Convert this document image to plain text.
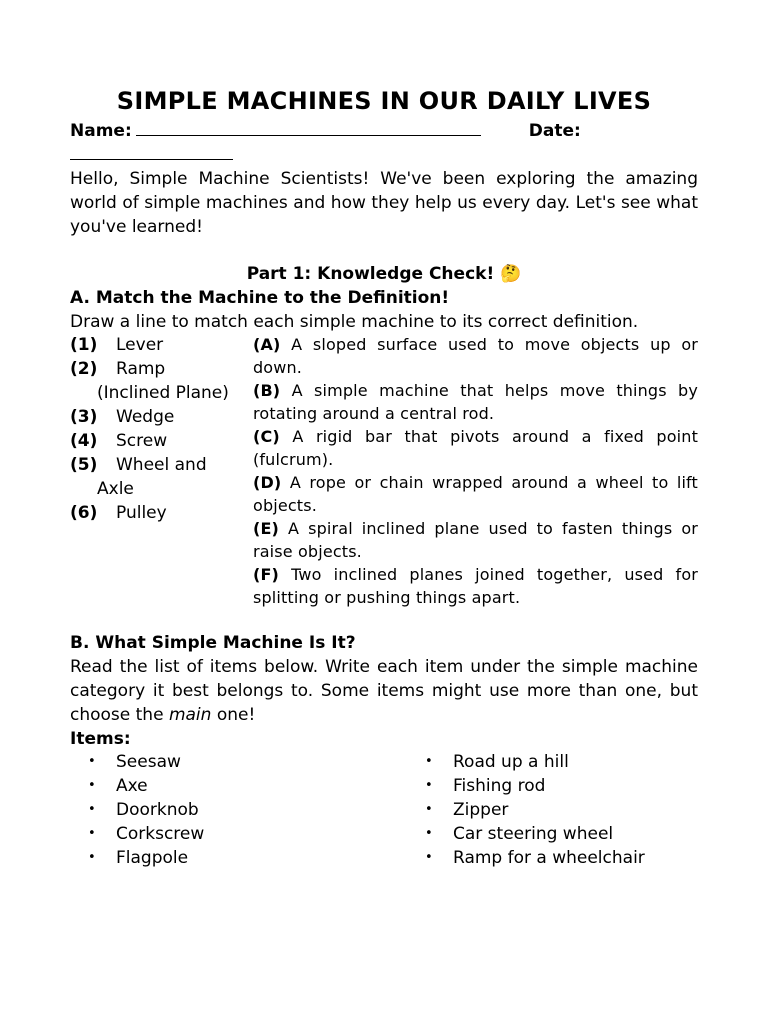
SIMPLE MACHINES IN OUR DAILY LIVES
Name:	Date:

Hello, Simple Machine Scientists! We've been exploring the amazing world of simple machines and how they help us every day. Let's see what you've learned!

Part 1: Knowledge Check! 🤔
A. Match the Machine to the Definition!
Draw a line to match each simple machine to its correct definition.
(1) Lever
(2) Ramp (Inclined Plane)
(3) Wedge
(4) Screw
(5) Wheel and Axle
(6) Pulley
(A) A sloped surface used to move objects up or down.
(B) A simple machine that helps move things by rotating around a central rod.
(C) A rigid bar that pivots around a fixed point (fulcrum).
(D) A rope or chain wrapped around a wheel to lift objects.
(E) A spiral inclined plane used to fasten things or raise objects.
(F) Two inclined planes joined together, used for splitting or pushing things apart.
B. What Simple Machine Is It?

Read the list of items below. Write each item under the simple machine category it best belongs to. Some items might use more than one, but choose the main one!

Items:
• Seesaw
• Axe
• Doorknob
• Corkscrew
• Flagpole
• Road up a hill
• Fishing rod
• Zipper
• Car steering wheel
• Ramp for a wheelchair
